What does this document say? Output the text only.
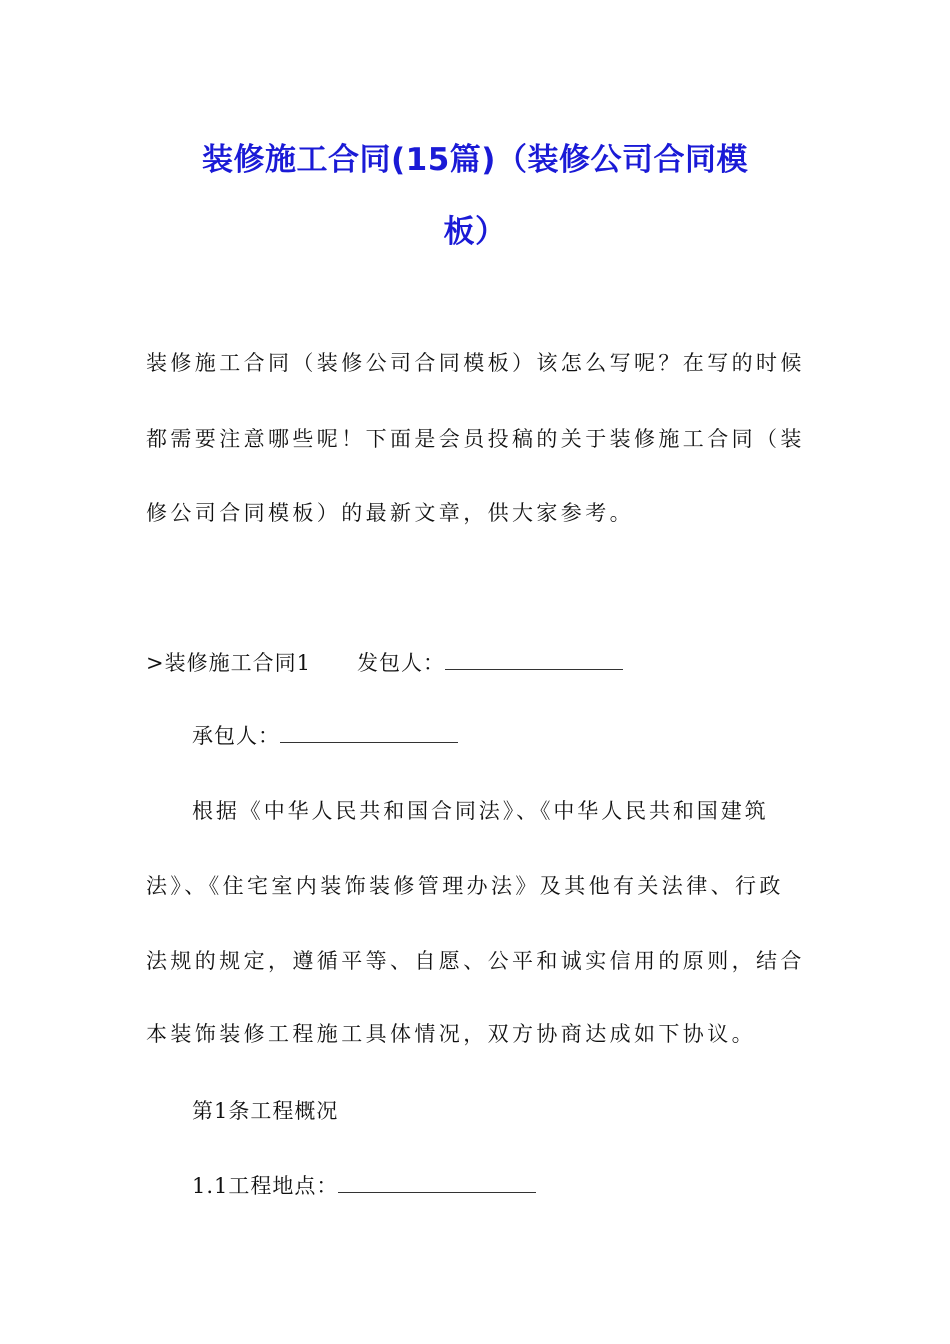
装修施工合同(15篇)（装修公司合同模
板）
装修施工合同（装修公司合同模板）该怎么写呢？在写的时候
都需要注意哪些呢！下面是会员投稿的关于装修施工合同（装
修公司合同模板）的最新文章，供大家参考。
>装修施工合同1 发包人：
承包人：
根据《中华人民共和国合同法》、《中华人民共和国建筑
法》、《住宅室内装饰装修管理办法》及其他有关法律、行政
法规的规定，遵循平等、自愿、公平和诚实信用的原则，结合
本装饰装修工程施工具体情况，双方协商达成如下协议。
第1条工程概况
1.1工程地点：
